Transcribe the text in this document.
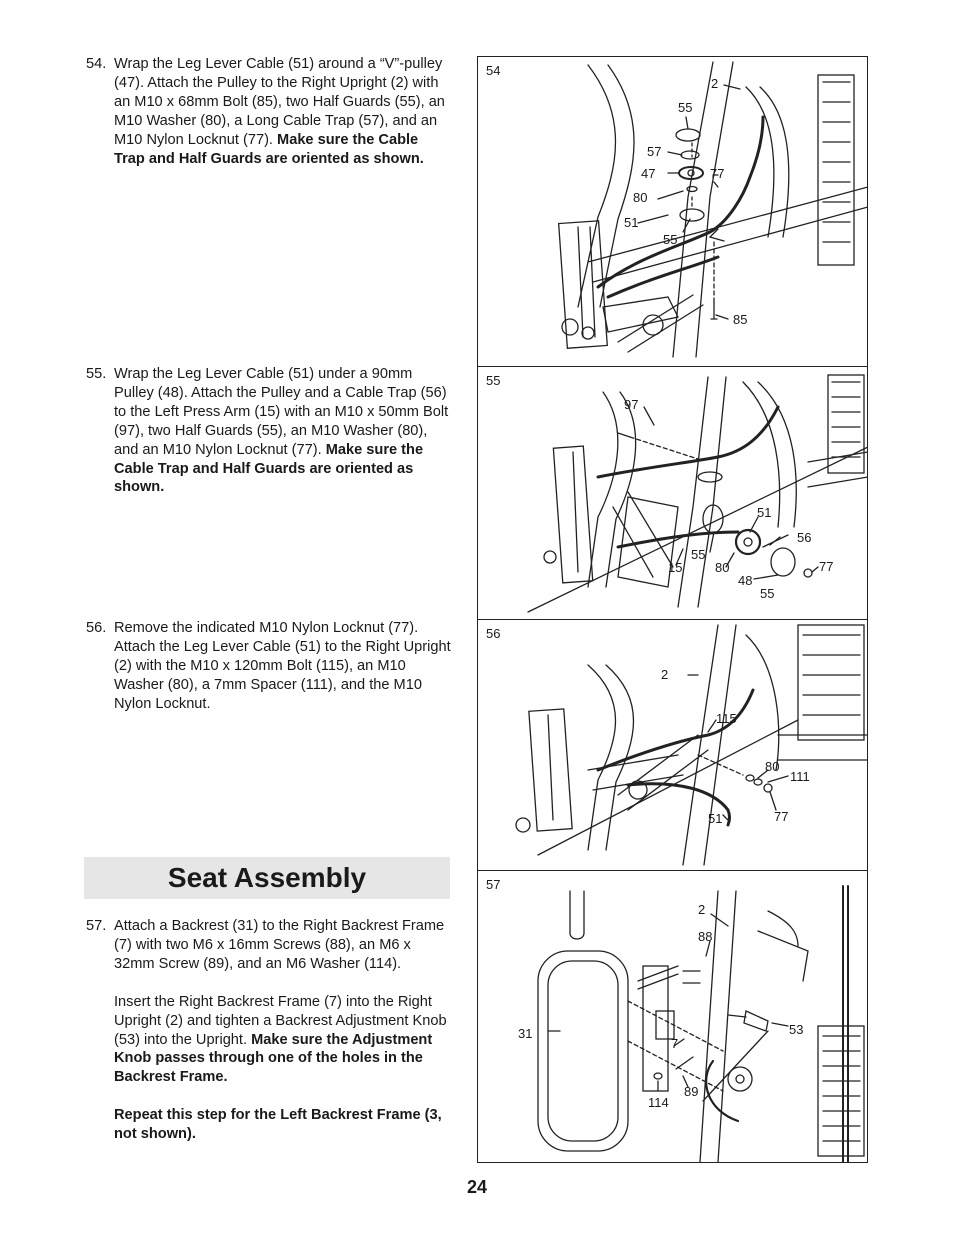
54. Wrap the Leg Lever Cable (51) around a “V”-pulley (47). Attach the Pulley to the Right Upright (2) with an M10 x 68mm Bolt (85), two Half Guards (55), an M10 Washer (80), a Long Cable Trap (57), and an M10 Nylon Locknut (77). Make sure the Cable Trap and Half Guards are oriented as shown.

55. Wrap the Leg Lever Cable (51) under a 90mm Pulley (48). Attach the Pulley and a Cable Trap (56) to the Left Press Arm (15) with an M10 x 50mm Bolt (97), two Half Guards (55), an M10 Washer (80), and an M10 Nylon Locknut (77). Make sure the Cable Trap and Half Guards are oriented as shown.

56. Remove the indicated M10 Nylon Locknut (77). Attach the Leg Lever Cable (51) to the Right Upright (2) with the M10 x 120mm Bolt (115), an M10 Washer (80), a 7mm Spacer (111), and the M10 Nylon Locknut.

Seat Assembly
57. Attach a Backrest (31) to the Right Backrest Frame (7) with two M6 x 16mm Screws (88), an M6 x 32mm Screw (89), and an M6 Washer (114).

Insert the Right Backrest Frame (7) into the Right Upright (2) and tighten a Backrest Adjustment Knob (53) into the Upright. Make sure the Adjustment Knob passes through one of the holes in the Backrest Frame.

Repeat this step for the Left Backrest Frame (3, not shown).

54
2
55
57
47	77
80
51
55
85
55
97
51
56
55
80
15
48
77
55
56
2
115
80
111
51	77
57
2
88
31	53
7
89
114
24
